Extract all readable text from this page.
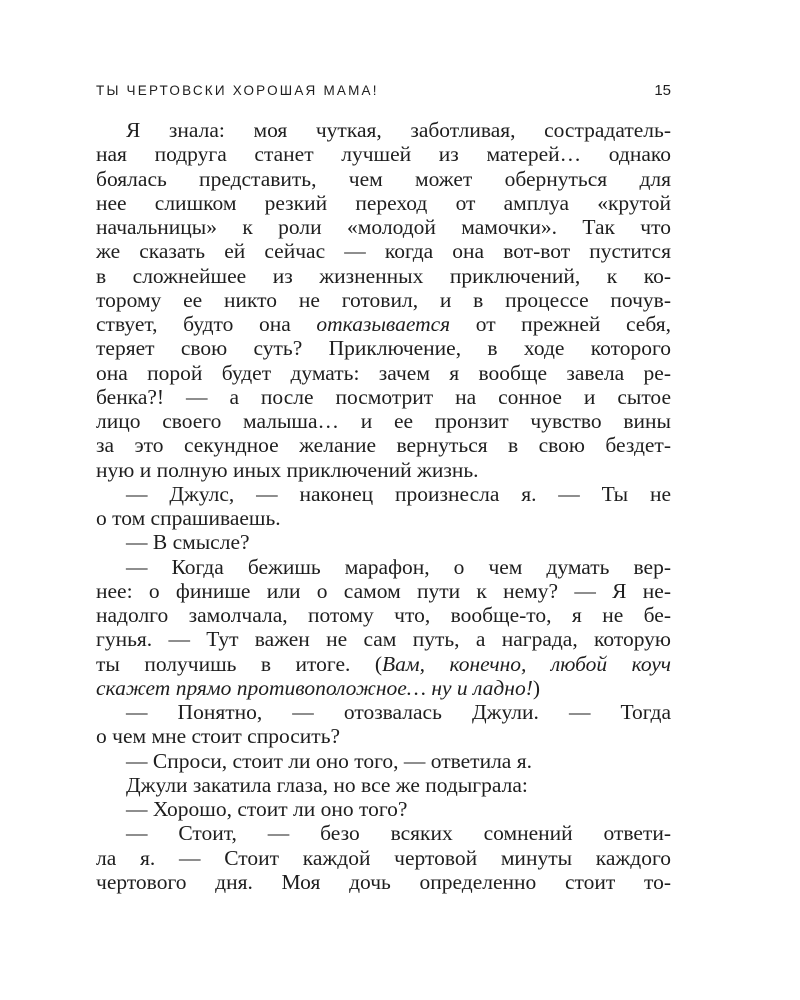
ТЫ ЧЕРТОВСКИ ХОРОШАЯ МАМА!	15
Я знала: моя чуткая, заботливая, сострадатель-
ная подруга станет лучшей из матерей… однако
боялась представить, чем может обернуться для
нее слишком резкий переход от амплуа «крутой
начальницы» к роли «молодой мамочки». Так что
же сказать ей сейчас — когда она вот-вот пустится
в сложнейшее из жизненных приключений, к ко-
торому ее никто не готовил, и в процессе почув-
ствует, будто она отказывается от прежней себя,
теряет свою суть? Приключение, в ходе которого
она порой будет думать: зачем я вообще завела ре-
бенка?! — а после посмотрит на сонное и сытое
лицо своего малыша… и ее пронзит чувство вины
за это секундное желание вернуться в свою бездет-
ную и полную иных приключений жизнь.
— Джулс, — наконец произнесла я. — Ты не
о том спрашиваешь.
— В смысле?
— Когда бежишь марафон, о чем думать вер-
нее: о финише или о самом пути к нему? — Я не-
надолго замолчала, потому что, вообще-то, я не бе-
гунья. — Тут важен не сам путь, а награда, которую
ты получишь в итоге. (Вам, конечно, любой коуч
скажет прямо противоположное… ну и ладно!)
— Понятно, — отозвалась Джули. — Тогда
о чем мне стоит спросить?
— Спроси, стоит ли оно того, — ответила я.
Джули закатила глаза, но все же подыграла:
— Хорошо, стоит ли оно того?
— Стоит, — безо всяких сомнений ответи-
ла я. — Стоит каждой чертовой минуты каждого
чертового дня. Моя дочь определенно стоит то-
